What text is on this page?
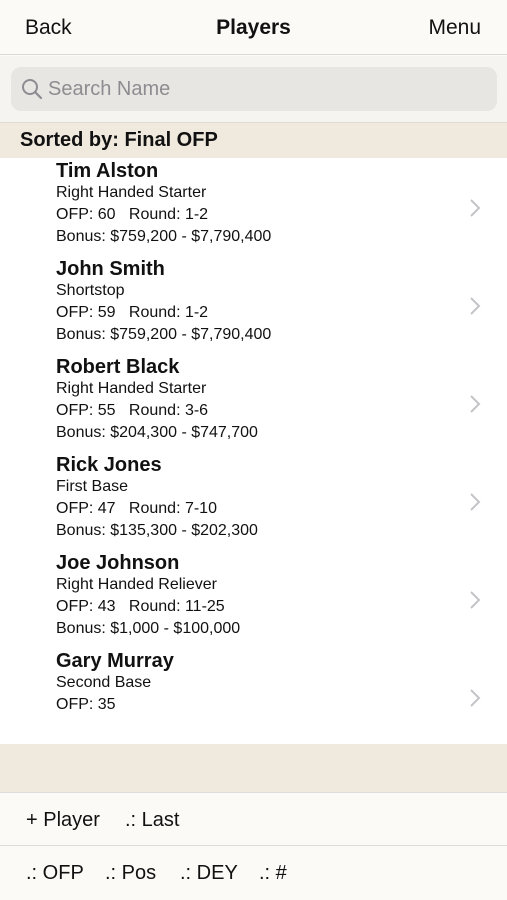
Back	Players	Menu
Search Name
Sorted by: Final OFP
Tim Alston
Right Handed Starter
OFP: 60   Round: 1-2
Bonus: $759,200 - $7,790,400
John Smith
Shortstop
OFP: 59   Round: 1-2
Bonus: $759,200 - $7,790,400
Robert Black
Right Handed Starter
OFP: 55   Round: 3-6
Bonus: $204,300 - $747,700
Rick Jones
First Base
OFP: 47   Round: 7-10
Bonus: $135,300 - $202,300
Joe Johnson
Right Handed Reliever
OFP: 43   Round: 11-25
Bonus: $1,000 - $100,000
Gary Murray
Second Base
OFP: 35
+ Player .: Last
.: OFP .: Pos .: DEY .: #
